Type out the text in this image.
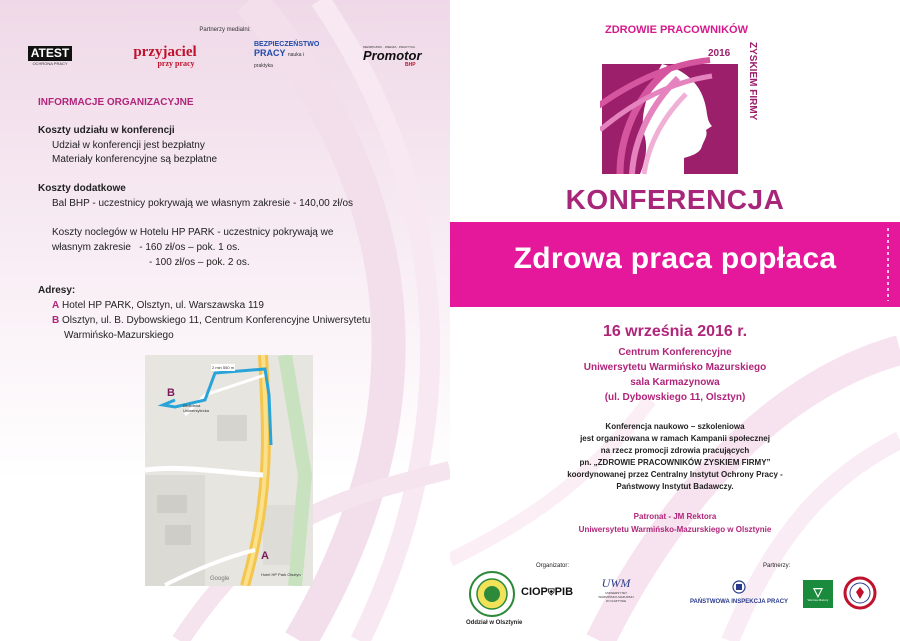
Partnerzy medialni:
ATEST
OCHRONA PRACY
przyjaciel
przy pracy
BEZPIECZEŃSTWO
PRACY nauka i praktyka
MIESIĘCZNIK · WIEDZA · PRAKTYKA
Promotor
BHP
INFORMACJE ORGANIZACYJNE
Koszty udziału w konferencji
Udział w konferencji jest bezpłatny
Materiały konferencyjne są bezpłatne
Koszty dodatkowe
Bal BHP - uczestnicy pokrywają we własnym zakresie - 140,00 zł/os
Koszty noclegów w Hotelu HP PARK - uczestnicy pokrywają we
własnym zakresie   - 160 zł/os – pok. 1 os.
- 100 zł/os – pok. 2 os.
Adresy:
A Hotel HP PARK, Olsztyn, ul. Warszawska 119
B Olsztyn, ul. B. Dybowskiego 11, Centrum Konferencyjne Uniwersytetu
Warmińsko-Mazurskiego
B
Biblioteka Uniwersytecka
2 min 550 m
A
Hotel HP Park Olsztyn
Google
ZDROWIE PRACOWNIKÓW
2016 ZYSKIEM FIRMY
KONFERENCJA
Zdrowa praca popłaca
16 września 2016 r.
Centrum Konferencyjne
Uniwersytetu Warmińsko Mazurskiego
sala Karmazynowa
(ul. Dybowskiego 11, Olsztyn)
Konferencja naukowo – szkoleniowa
jest organizowana w ramach Kampanii społecznej
na rzecz promocji zdrowia pracujących
pn. „ZDROWIE PRACOWNIKÓW ZYSKIEM FIRMY”
koordynowanej przez Centralny Instytut Ochrony Pracy -
Państwowy Instytut Badawczy.
Patronat - JM Rektora
Uniwersytetu Warmińsko-Mazurskiego w Olsztynie
Organizator:
Oddział w Olsztynie
CIOP⛨PIB
UWM
UNIWERSYTET WARMIŃSKO-MAZURSKI W OLSZTYNIE
Partnerzy:
PAŃSTWOWA INSPEKCJA PRACY
▽
Warmia Mazury
